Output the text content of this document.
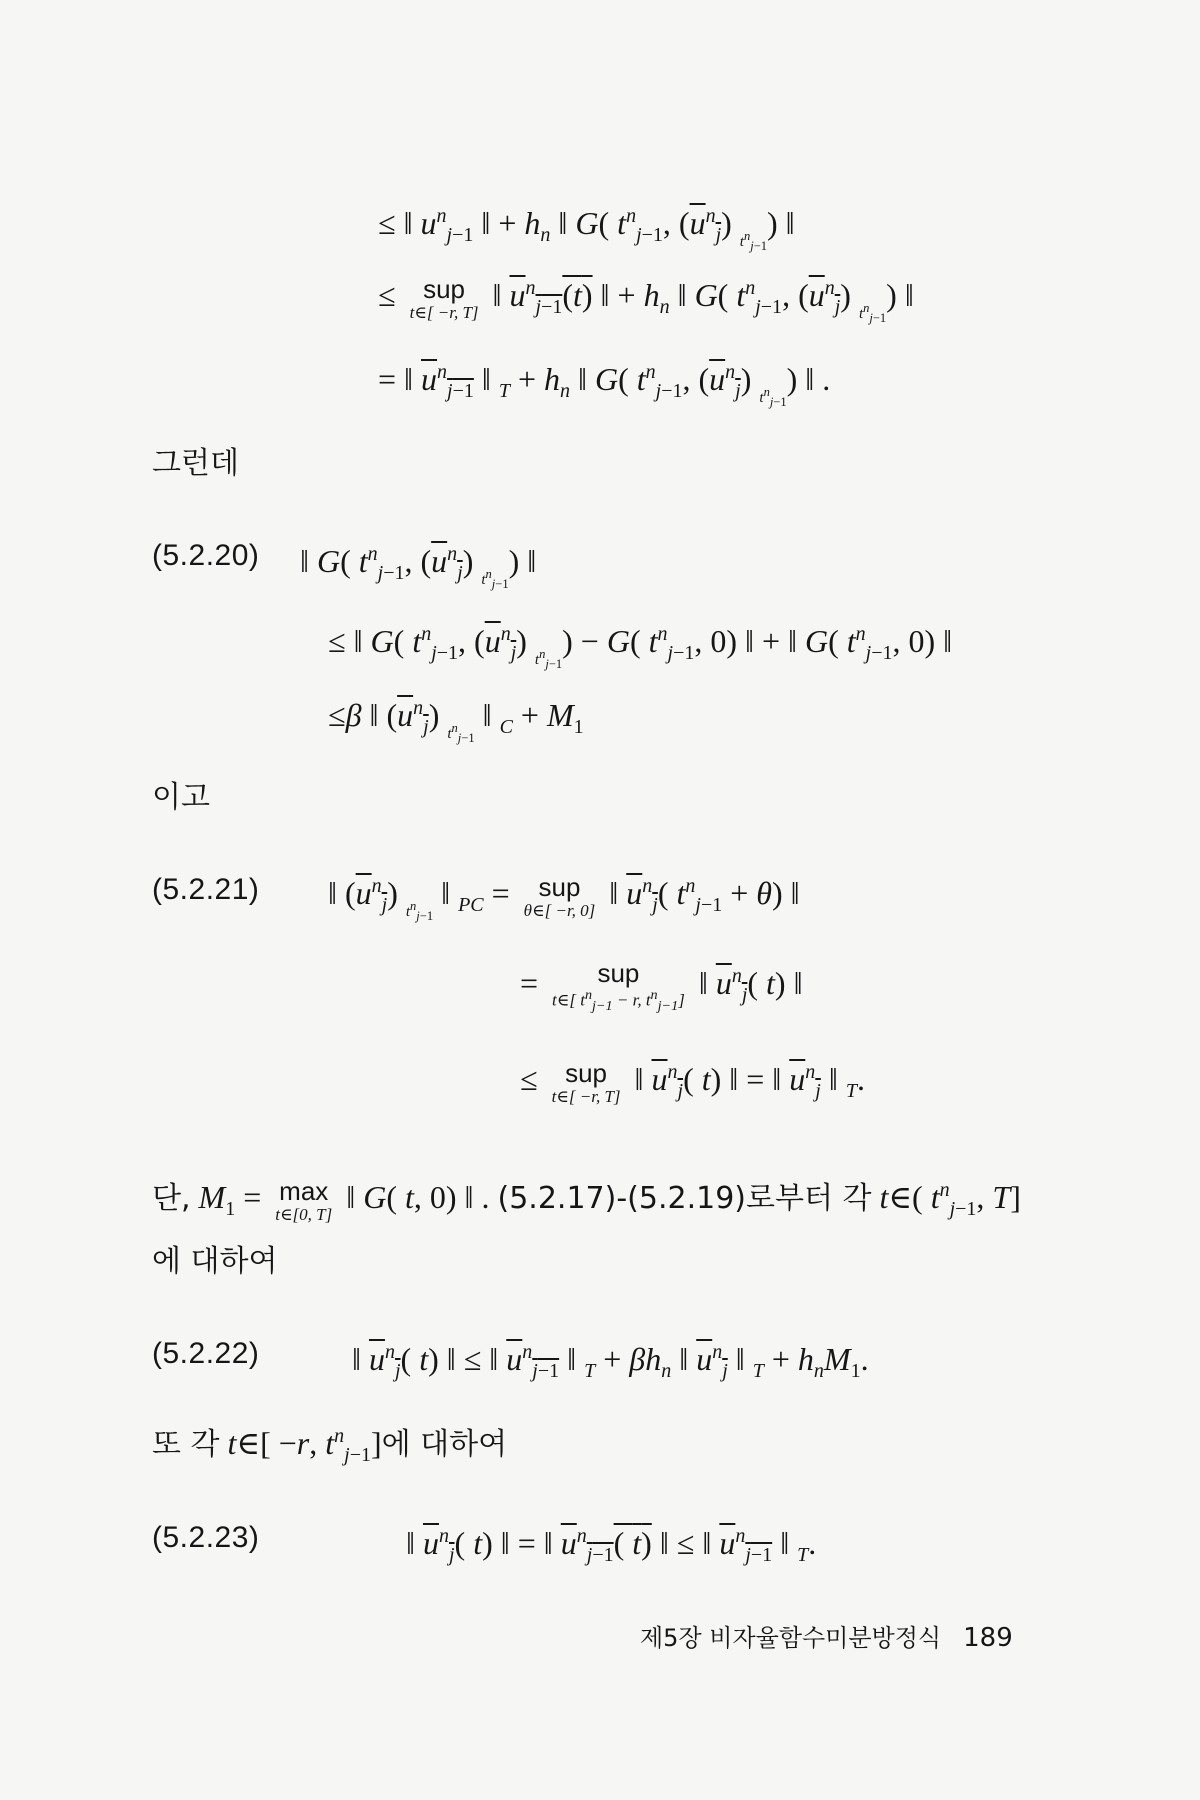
≤ ‖ $un_{j-1}$ ‖ + $h_n$ ‖ G( $tn_{j-1}$, $(un_j)$ $_{t^n_{j-1}}$) ‖
≤ sup
t∈[ −r, T] ‖ $un_{j-1}(t)$ ‖ + $h_n$ ‖ G( $tn_{j-1}$, $(un_j)$ $_{t^n_{j-1}}$) ‖
= ‖ $un_{j-1}$ ‖ $_T + h_n$ ‖ G( $tn_{j-1}$, $(un_j)$ $_{t^n_{j-1}}$) ‖ .
그런데
(5.2.20) ‖ G( $tn_{j-1}$, $(un_j)$ $_{t^n_{j-1}}$) ‖
≤ ‖ G( $tn_{j-1}$, $(un_j) _{t^n_{j-1}}) - G$( $tn_{j-1}$, 0) ‖ + ‖ G( $tn_{j-1}$, 0) ‖
≤β ‖ $(un_j)$ $_{t^n_{j-1}}$ ‖ $_C + M_1$
이고
(5.2.21) ‖ $(un_j)$ $_{t^n_{j-1}}$ ‖ $_{PC}$ = sup
θ∈[ −r, 0] ‖ $un_j$( $tn_{j-1} + \theta$) ‖
=	sup
t∈[ $t^n_{j-1} - r$, $t^n_{j-1}$] ‖ $un_j$( t) ‖
≤ sup
t∈[ −r, T] ‖ $un_j$( t) ‖ = ‖ $un_j$ ‖ $_T$.
단, $M_1 = \max$
t∈[0, T] ‖ G( t, 0) ‖ . (5.2.17)-(5.2.19)로부터 각 t∈( $tn_{j-1}$, T]
에 대하여
(5.2.22)	‖ $un_j$( t) ‖ ≤ ‖ $un_{j-1}$ ‖ $_T + \beta h_n$ ‖ $un_j$ ‖ $_T + h_nM_1$.
또 각 t∈[ −r, $tn_{j-1}$]에 대하여
(5.2.23)	‖ $un_j$( t) ‖ = ‖ $un_{j-1}$( t) ‖ ≤ ‖ $un_{j-1}$ ‖ $_T$.
제5장 비자율함수미분방정식 189
